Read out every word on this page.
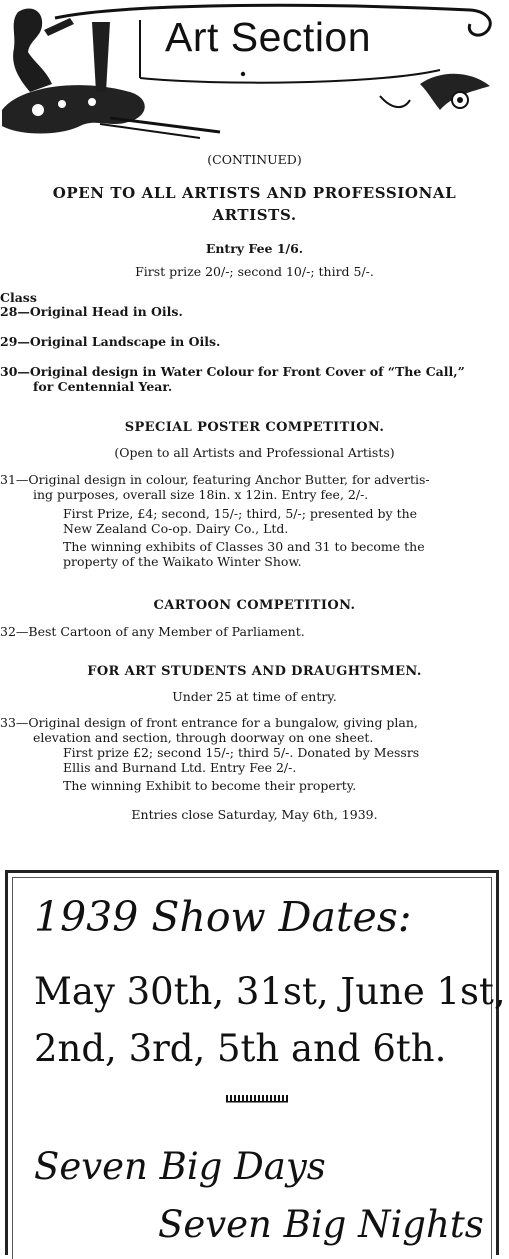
Art Section
(CONTINUED)
OPEN TO ALL ARTISTS AND PROFESSIONAL
ARTISTS.
Entry Fee 1/6.
First prize 20/-; second 10/-; third 5/-.
Class
28—Original Head in Oils.
29—Original Landscape in Oils.
30—Original design in Water Colour for Front Cover of “The Call,”
for Centennial Year.
SPECIAL POSTER COMPETITION.
(Open to all Artists and Professional Artists)
31—Original design in colour, featuring Anchor Butter, for advertis-
ing purposes, overall size 18in. x 12in. Entry fee, 2/-.
First Prize, £4; second, 15/-; third, 5/-; presented by the
New Zealand Co-op. Dairy Co., Ltd.
The winning exhibits of Classes 30 and 31 to become the
property of the Waikato Winter Show.
CARTOON COMPETITION.
32—Best Cartoon of any Member of Parliament.
FOR ART STUDENTS AND DRAUGHTSMEN.
Under 25 at time of entry.
33—Original design of front entrance for a bungalow, giving plan,
elevation and section, through doorway on one sheet.
First prize £2; second 15/-; third 5/-. Donated by Messrs
Ellis and Burnand Ltd. Entry Fee 2/-.
The winning Exhibit to become their property.
Entries close Saturday, May 6th, 1939.
1939 Show Dates:
May 30th, 31st, June 1st,
2nd, 3rd, 5th and 6th.
Seven Big Days
Seven Big Nights
